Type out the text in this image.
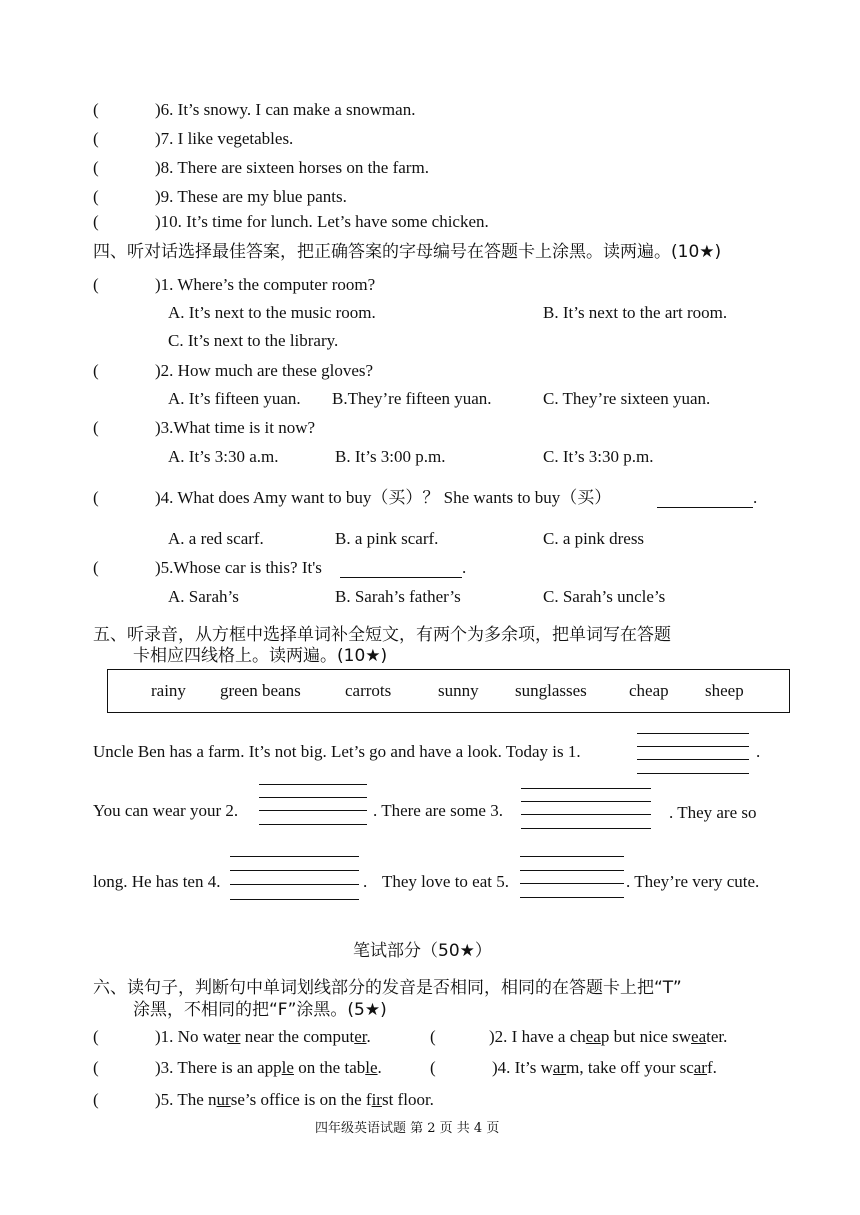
(	)6. It’s snowy. I can make a snowman.
(	)7. I like vegetables.
(	)8. There are sixteen horses on the farm.
(	)9. These are my blue pants.
(	)10. It’s time for lunch. Let’s have some chicken.
四、听对话选择最佳答案，把正确答案的字母编号在答题卡上涂黑。读两遍。(10★)
(	)1. Where’s the computer room?
A. It’s next to the music room.	B. It’s next to the art room.
C. It’s next to the library.
(	)2. How much are these gloves?
A. It’s fifteen yuan. B.They’re fifteen yuan.	C. They’re sixteen yuan.
(	)3.What time is it now?
A. It’s 3:30 a.m.	B. It’s 3:00 p.m.	C. It’s 3:30 p.m.
(	)4. What does Amy want to buy（买）？ She wants to buy（买）	.
A. a red scarf.	B. a pink scarf.	C. a pink dress
(	)5.Whose car is this? It's	.
A. Sarah’s	B. Sarah’s father’s	C. Sarah’s uncle’s
五、听录音，从方框中选择单词补全短文，有两个为多余项，把单词写在答题
卡相应四线格上。读两遍。(10★)
rainy green beans	carrots	sunny sunglasses cheap sheep
Uncle Ben has a farm. It’s not big. Let’s go and have a look. Today is 1.	.
You can wear your 2.	. There are some 3.	. They are so
long. He has ten 4.	. They love to eat 5.	. They’re very cute.
笔试部分（50★）
六、读句子，判断句中单词划线部分的发音是否相同，相同的在答题卡上把“T”
涂黑，不相同的把“F”涂黑。(5★)
(	)1. No water near the computer.	(	)2. I have a cheap but nice sweater.
(	)3. There is an apple on the table.	(	)4. It’s warm, take off your scarf.
(	)5. The nurse’s office is on the first floor.
四年级英语试题 第 2 页 共 4 页
